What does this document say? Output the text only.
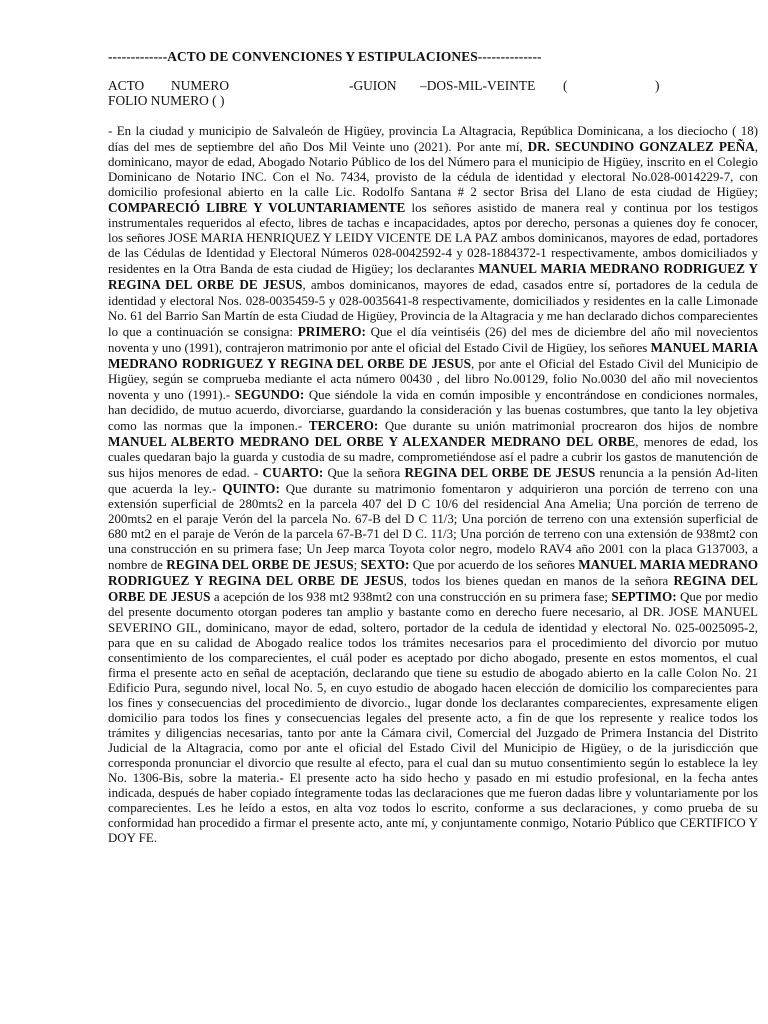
-------------ACTO DE CONVENCIONES Y ESTIPULACIONES--------------
ACTO NUMERO	-GUION –DOS-MIL-VEINTE (	)
FOLIO NUMERO ( )
- En la ciudad y municipio de Salvaleón de Higüey, provincia La Altagracia, República Dominicana, a los dieciocho ( 18) días del mes de septiembre del año Dos Mil Veinte uno (2021). Por ante mí, DR. SECUNDINO GONZALEZ PEÑA, dominicano, mayor de edad, Abogado Notario Público de los del Número para el municipio de Higüey, inscrito en el Colegio Dominicano de Notario INC. Con el No. 7434, provisto de la cédula de identidad y electoral No.028-0014229-7, con domicilio profesional abierto en la calle Lic. Rodolfo Santana # 2 sector Brisa del Llano de esta ciudad de Higüey; COMPARECIÓ LIBRE Y VOLUNTARIAMENTE los señores asistido de manera real y continua por los testigos instrumentales requeridos al efecto, libres de tachas e incapacidades, aptos por derecho, personas a quienes doy fe conocer, los señores JOSE MARIA HENRIQUEZ Y LEIDY VICENTE DE LA PAZ ambos dominicanos, mayores de edad, portadores de las Cédulas de Identidad y Electoral Números 028-0042592-4 y 028-1884372-1 respectivamente, ambos domiciliados y residentes en la Otra Banda de esta ciudad de Higüey; los declarantes MANUEL MARIA MEDRANO RODRIGUEZ Y REGINA DEL ORBE DE JESUS, ambos dominicanos, mayores de edad, casados entre sí, portadores de la cedula de identidad y electoral Nos. 028-0035459-5 y 028-0035641-8 respectivamente, domiciliados y residentes en la calle Limonade No. 61 del Barrio San Martín de esta Ciudad de Higüey, Provincia de la Altagracia y me han declarado dichos comparecientes lo que a continuación se consigna: PRIMERO: Que el día veintiséis (26) del mes de diciembre del año mil novecientos noventa y uno (1991), contrajeron matrimonio por ante el oficial del Estado Civil de Higüey, los señores MANUEL MARIA MEDRANO RODRIGUEZ Y REGINA DEL ORBE DE JESUS, por ante el Oficial del Estado Civil del Municipio de Higüey, según se comprueba mediante el acta número 00430 , del libro No.00129, folio No.0030 del año mil novecientos noventa y uno (1991).- SEGUNDO: Que siéndole la vida en común imposible y encontrándose en condiciones normales, han decidido, de mutuo acuerdo, divorciarse, guardando la consideración y las buenas costumbres, que tanto la ley objetiva como las normas que la imponen.- TERCERO: Que durante su unión matrimonial procrearon dos hijos de nombre MANUEL ALBERTO MEDRANO DEL ORBE Y ALEXANDER MEDRANO DEL ORBE, menores de edad, los cuales quedaran bajo la guarda y custodia de su madre, comprometiéndose así el padre a cubrir los gastos de manutención de sus hijos menores de edad. - CUARTO: Que la señora REGINA DEL ORBE DE JESUS renuncia a la pensión Ad-liten que acuerda la ley.- QUINTO: Que durante su matrimonio fomentaron y adquirieron una porción de terreno con una extensión superficial de 280mts2 en la parcela 407 del D C 10/6 del residencial Ana Amelia; Una porción de terreno de 200mts2 en el paraje Verón del la parcela No. 67-B del D C 11/3; Una porción de terreno con una extensión superficial de 680 mt2 en el paraje de Verón de la parcela 67-B-71 del D C. 11/3; Una porción de terreno con una extensión de 938mt2 con una construcción en su primera fase; Un Jeep marca Toyota color negro, modelo RAV4 año 2001 con la placa G137003, a nombre de REGINA DEL ORBE DE JESUS; SEXTO: Que por acuerdo de los señores MANUEL MARIA MEDRANO RODRIGUEZ Y REGINA DEL ORBE DE JESUS, todos los bienes quedan en manos de la señora REGINA DEL ORBE DE JESUS a acepción de los 938 mt2 938mt2 con una construcción en su primera fase; SEPTIMO: Que por medio del presente documento otorgan poderes tan amplio y bastante como en derecho fuere necesario, al DR. JOSE MANUEL SEVERINO GIL, dominicano, mayor de edad, soltero, portador de la cedula de identidad y electoral No. 025-0025095-2, para que en su calidad de Abogado realice todos los trámites necesarios para el procedimiento del divorcio por mutuo consentimiento de los comparecientes, el cuál poder es aceptado por dicho abogado, presente en estos momentos, el cual firma el presente acto en señal de aceptación, declarando que tiene su estudio de abogado abierto en la calle Colon No. 21 Edificio Pura, segundo nivel, local No. 5, en cuyo estudio de abogado hacen elección de domicilio los comparecientes para los fines y consecuencias del procedimiento de divorcio., lugar donde los declarantes comparecientes, expresamente eligen domicilio para todos los fines y consecuencias legales del presente acto, a fin de que los represente y realice todos los trámites y diligencias necesarias, tanto por ante la Cámara civil, Comercial del Juzgado de Primera Instancia del Distrito Judicial de la Altagracia, como por ante el oficial del Estado Civil del Municipio de Higüey, o de la jurisdicción que corresponda pronunciar el divorcio que resulte al efecto, para el cual dan su mutuo consentimiento según lo establece la ley No. 1306-Bis, sobre la materia.- El presente acto ha sido hecho y pasado en mi estudio profesional, en la fecha antes indicada, después de haber copiado íntegramente todas las declaraciones que me fueron dadas libre y voluntariamente por los comparecientes. Les he leído a estos, en alta voz todos lo escrito, conforme a sus declaraciones, y como prueba de su conformidad han procedido a firmar el presente acto, ante mí, y conjuntamente conmigo, Notario Público que CERTIFICO Y DOY FE.
